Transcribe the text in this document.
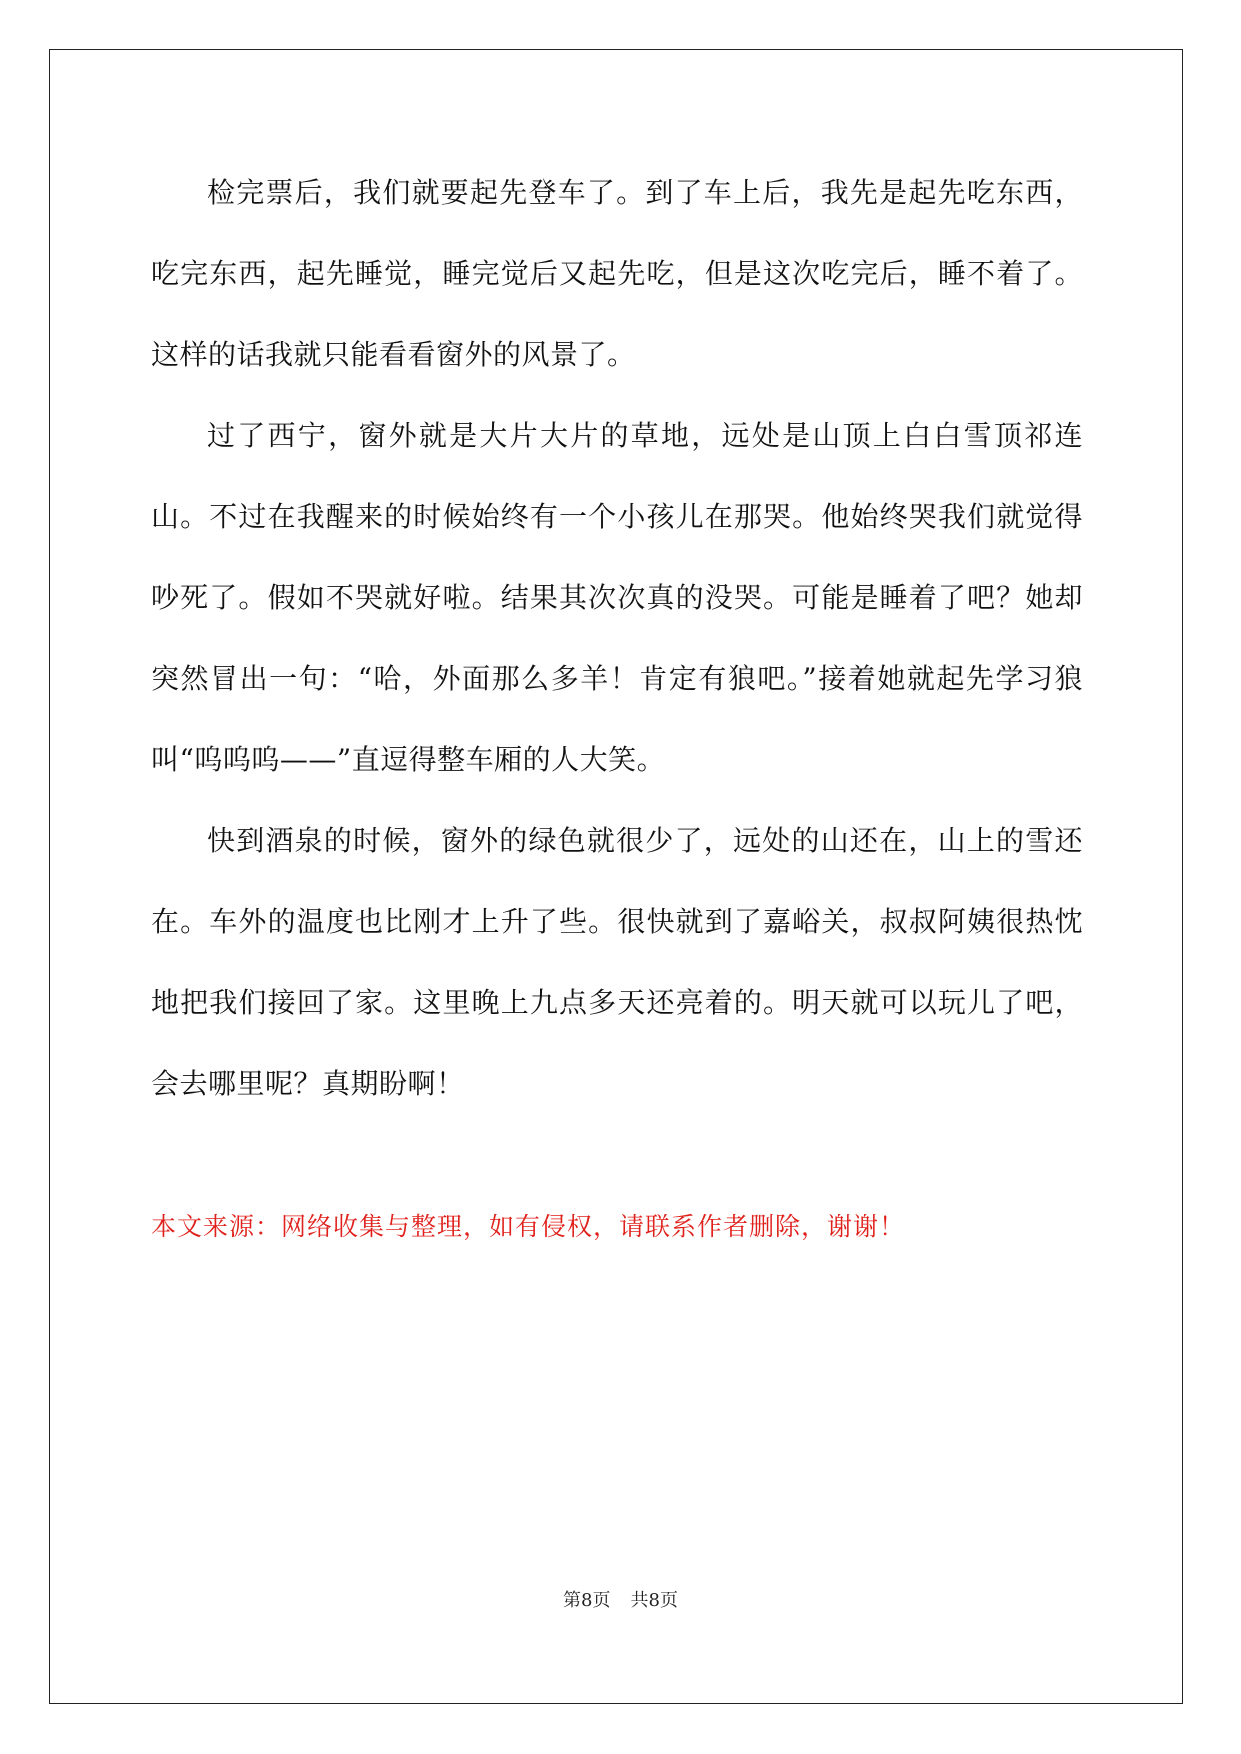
检完票后，我们就要起先登车了。到了车上后，我先是起先吃东西，吃完东西，起先睡觉，睡完觉后又起先吃，但是这次吃完后，睡不着了。这样的话我就只能看看窗外的风景了。

过了西宁，窗外就是大片大片的草地，远处是山顶上白白雪顶祁连山。不过在我醒来的时候始终有一个小孩儿在那哭。他始终哭我们就觉得吵死了。假如不哭就好啦。结果其次次真的没哭。可能是睡着了吧？她却突然冒出一句：“哈，外面那么多羊！肯定有狼吧。”接着她就起先学习狼叫“呜呜呜——”直逗得整车厢的人大笑。

快到酒泉的时候，窗外的绿色就很少了，远处的山还在，山上的雪还在。车外的温度也比刚才上升了些。很快就到了嘉峪关，叔叔阿姨很热忱地把我们接回了家。这里晚上九点多天还亮着的。明天就可以玩儿了吧，会去哪里呢？真期盼啊！

本文来源：网络收集与整理，如有侵权，请联系作者删除，谢谢！

第8页 共8页
